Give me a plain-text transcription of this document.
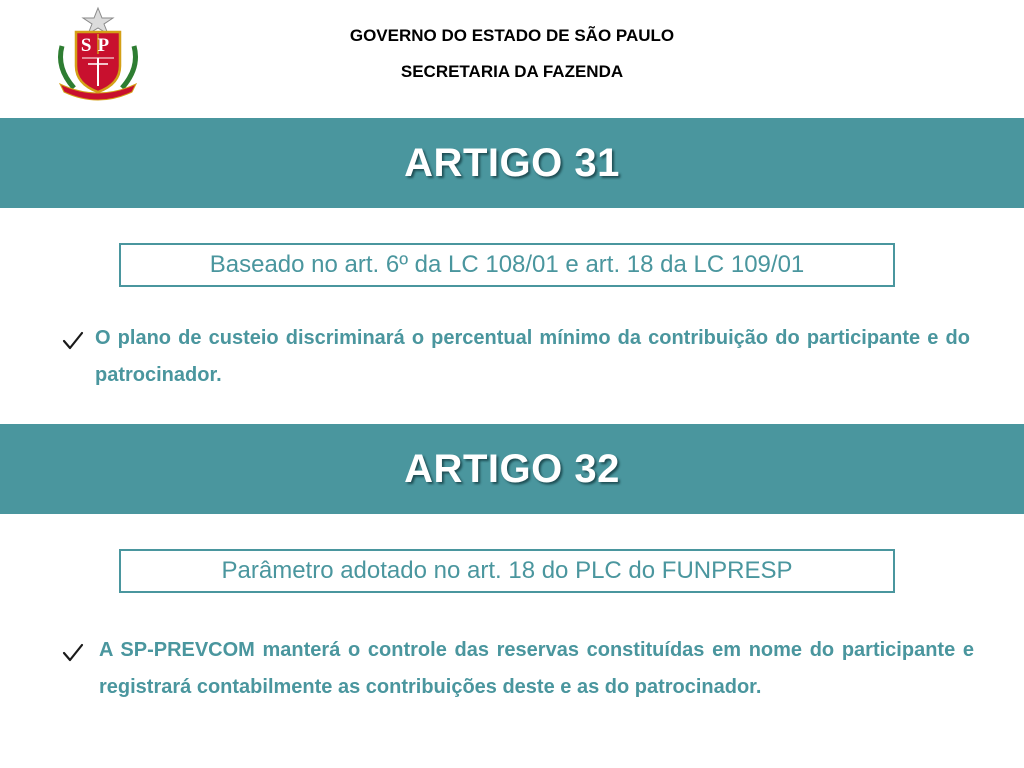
SP	GOVERNO DO ESTADO DE SÃO PAULO
SECRETARIA DA FAZENDA
ARTIGO 31
Baseado no art. 6º da LC 108/01 e art. 18 da LC 109/01
O plano de custeio discriminará o percentual mínimo da contribuição do participante e do patrocinador.
ARTIGO 32
Parâmetro adotado no art. 18 do PLC do FUNPRESP
A SP-PREVCOM manterá o controle das reservas constituídas em nome do participante e registrará contabilmente as contribuições deste e as do patrocinador.
